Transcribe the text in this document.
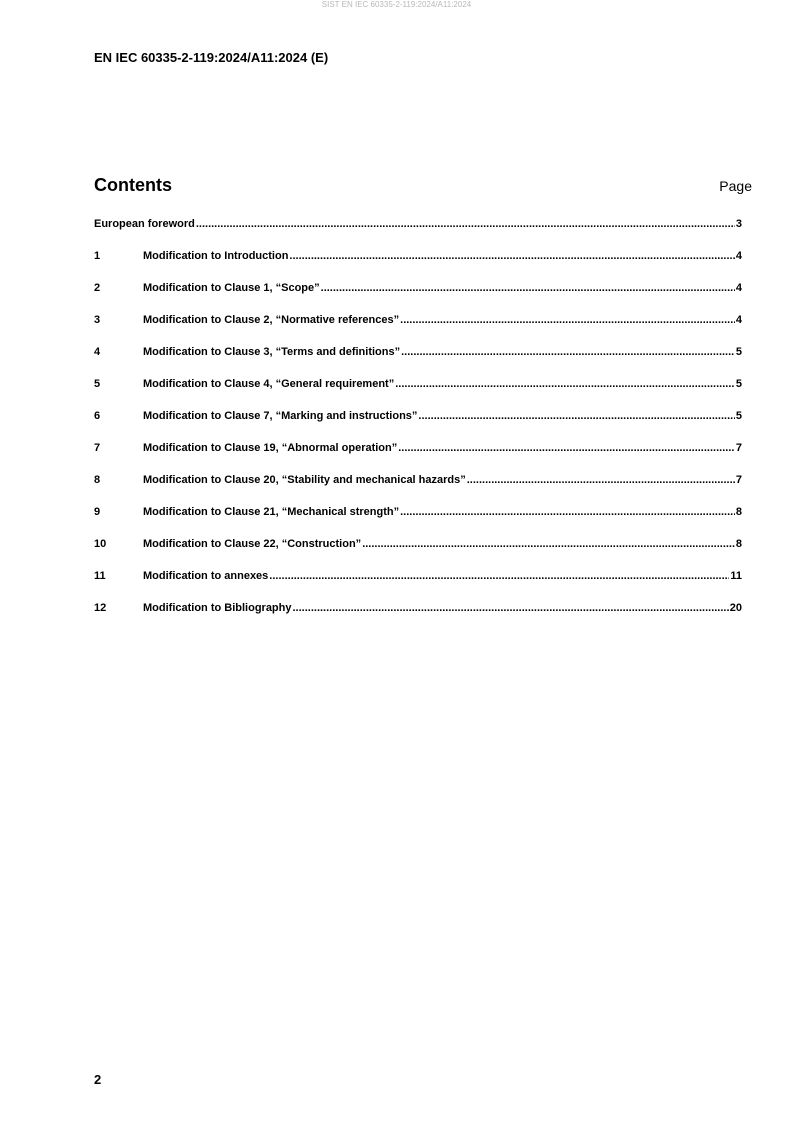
SIST EN IEC 60335-2-119:2024/A11:2024
EN IEC 60335-2-119:2024/A11:2024 (E)
Contents	Page
European foreword .....	3
1	Modification to Introduction .....	4
2	Modification to Clause 1, “Scope” .....	4
3	Modification to Clause 2, “Normative references” .....	4
4	Modification to Clause 3, “Terms and definitions” .....	5
5	Modification to Clause 4, “General requirement” .....	5
6	Modification to Clause 7, “Marking and instructions” .....	5
7	Modification to Clause 19, “Abnormal operation” .....	7
8	Modification to Clause 20, “Stability and mechanical hazards” .....	7
9	Modification to Clause 21, “Mechanical strength” .....	8
10	Modification to Clause 22, “Construction” .....	8
11	Modification to annexes .....	11
12	Modification to Bibliography .....	20
2
